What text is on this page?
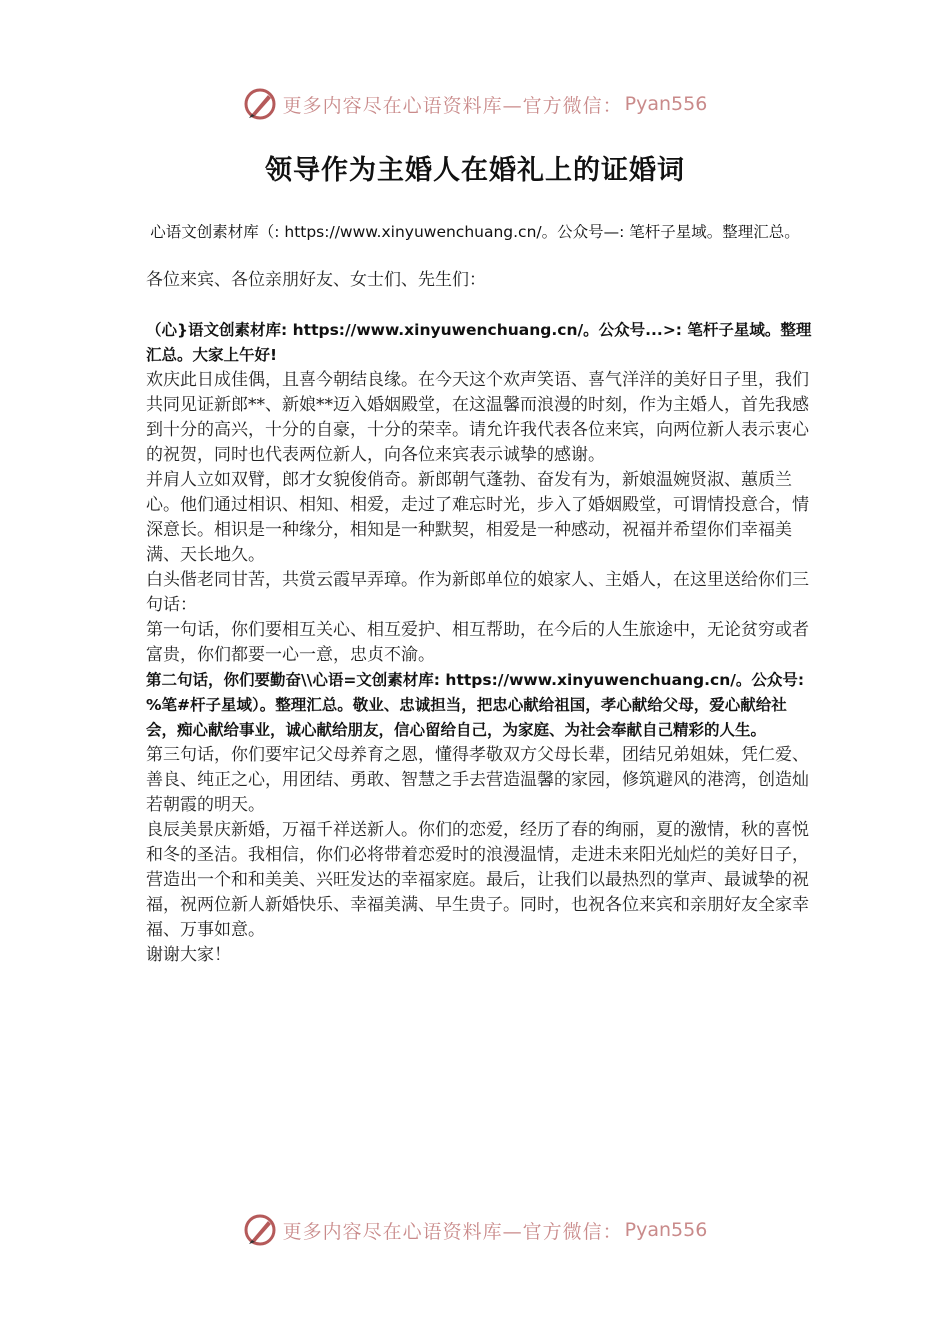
更多内容尽在心语资料库—官方微信： Pyan556
领导作为主婚人在婚礼上的证婚词
心语文创素材库（: https://www.xinyuwenchuang.cn/。公众号—: 笔杆子星域。整理汇总。

各位来宾、各位亲朋好友、女士们、先生们：

（心}语文创素材库: https://www.xinyuwenchuang.cn/。公众号...>: 笔杆子星域。整理汇总。大家上午好!

欢庆此日成佳偶，且喜今朝结良缘。在今天这个欢声笑语、喜气洋洋的美好日子里，我们共同见证新郎**、新娘**迈入婚姻殿堂，在这温馨而浪漫的时刻，作为主婚人，首先我感到十分的高兴，十分的自豪，十分的荣幸。请允许我代表各位来宾，向两位新人表示衷心的祝贺，同时也代表两位新人，向各位来宾表示诚挚的感谢。

并肩人立如双臂，郎才女貌俊俏奇。新郎朝气蓬勃、奋发有为，新娘温婉贤淑、蕙质兰心。他们通过相识、相知、相爱，走过了难忘时光，步入了婚姻殿堂，可谓情投意合，情深意长。相识是一种缘分，相知是一种默契，相爱是一种感动，祝福并希望你们幸福美满、天长地久。

白头偕老同甘苦，共赏云霞早弄璋。作为新郎单位的娘家人、主婚人，在这里送给你们三句话：

第一句话，你们要相互关心、相互爱护、相互帮助，在今后的人生旅途中，无论贫穷或者富贵，你们都要一心一意，忠贞不渝。

第二句话，你们要勤奋\\心语=文创素材库: https://www.xinyuwenchuang.cn/。公众号: %笔#杆子星域）。整理汇总。敬业、忠诚担当，把忠心献给祖国，孝心献给父母，爱心献给社会，痴心献给事业，诚心献给朋友，信心留给自己，为家庭、为社会奉献自己精彩的人生。

第三句话，你们要牢记父母养育之恩，懂得孝敬双方父母长辈，团结兄弟姐妹，凭仁爱、善良、纯正之心，用团结、勇敢、智慧之手去营造温馨的家园，修筑避风的港湾，创造灿若朝霞的明天。

良辰美景庆新婚，万福千祥送新人。你们的恋爱，经历了春的绚丽，夏的激情，秋的喜悦和冬的圣洁。我相信，你们必将带着恋爱时的浪漫温情，走进未来阳光灿烂的美好日子，营造出一个和和美美、兴旺发达的幸福家庭。最后，让我们以最热烈的掌声、最诚挚的祝福，祝两位新人新婚快乐、幸福美满、早生贵子。同时，也祝各位来宾和亲朋好友全家幸福、万事如意。

谢谢大家！

更多内容尽在心语资料库—官方微信： Pyan556
